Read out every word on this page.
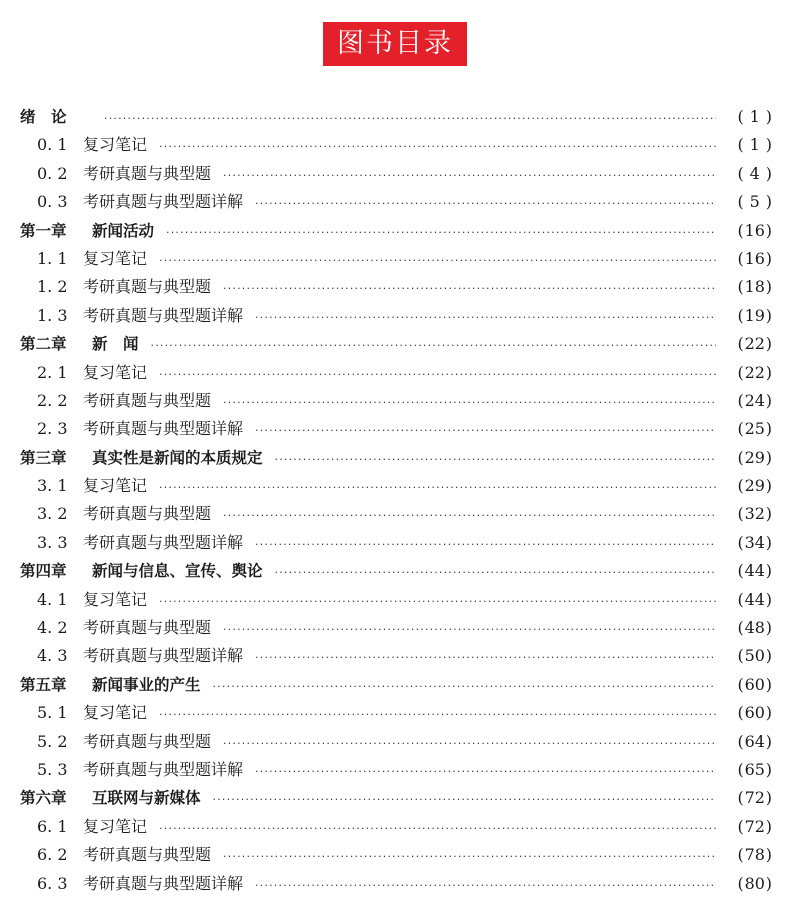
图书目录
绪　论 ·····	( 1 )
0. 1 复习笔记 ·····	( 1 )
0. 2 考研真题与典型题 ·····	( 4 )
0. 3 考研真题与典型题详解 ·····	( 5 )
第一章	新闻活动 ·····	(16)
1. 1 复习笔记 ·····	(16)
1. 2 考研真题与典型题 ·····	(18)
1. 3 考研真题与典型题详解 ·····	(19)
第二章	新　闻 ·····	(22)
2. 1 复习笔记 ·····	(22)
2. 2 考研真题与典型题 ·····	(24)
2. 3 考研真题与典型题详解 ·····	(25)
第三章	真实性是新闻的本质规定 ·····	(29)
3. 1 复习笔记 ·····	(29)
3. 2 考研真题与典型题 ·····	(32)
3. 3 考研真题与典型题详解 ·····	(34)
第四章	新闻与信息、宣传、舆论 ·····	(44)
4. 1 复习笔记 ·····	(44)
4. 2 考研真题与典型题 ·····	(48)
4. 3 考研真题与典型题详解 ·····	(50)
第五章	新闻事业的产生 ·····	(60)
5. 1 复习笔记 ·····	(60)
5. 2 考研真题与典型题 ·····	(64)
5. 3 考研真题与典型题详解 ·····	(65)
第六章	互联网与新媒体 ·····	(72)
6. 1 复习笔记 ·····	(72)
6. 2 考研真题与典型题 ·····	(78)
6. 3 考研真题与典型题详解 ·····	(80)
